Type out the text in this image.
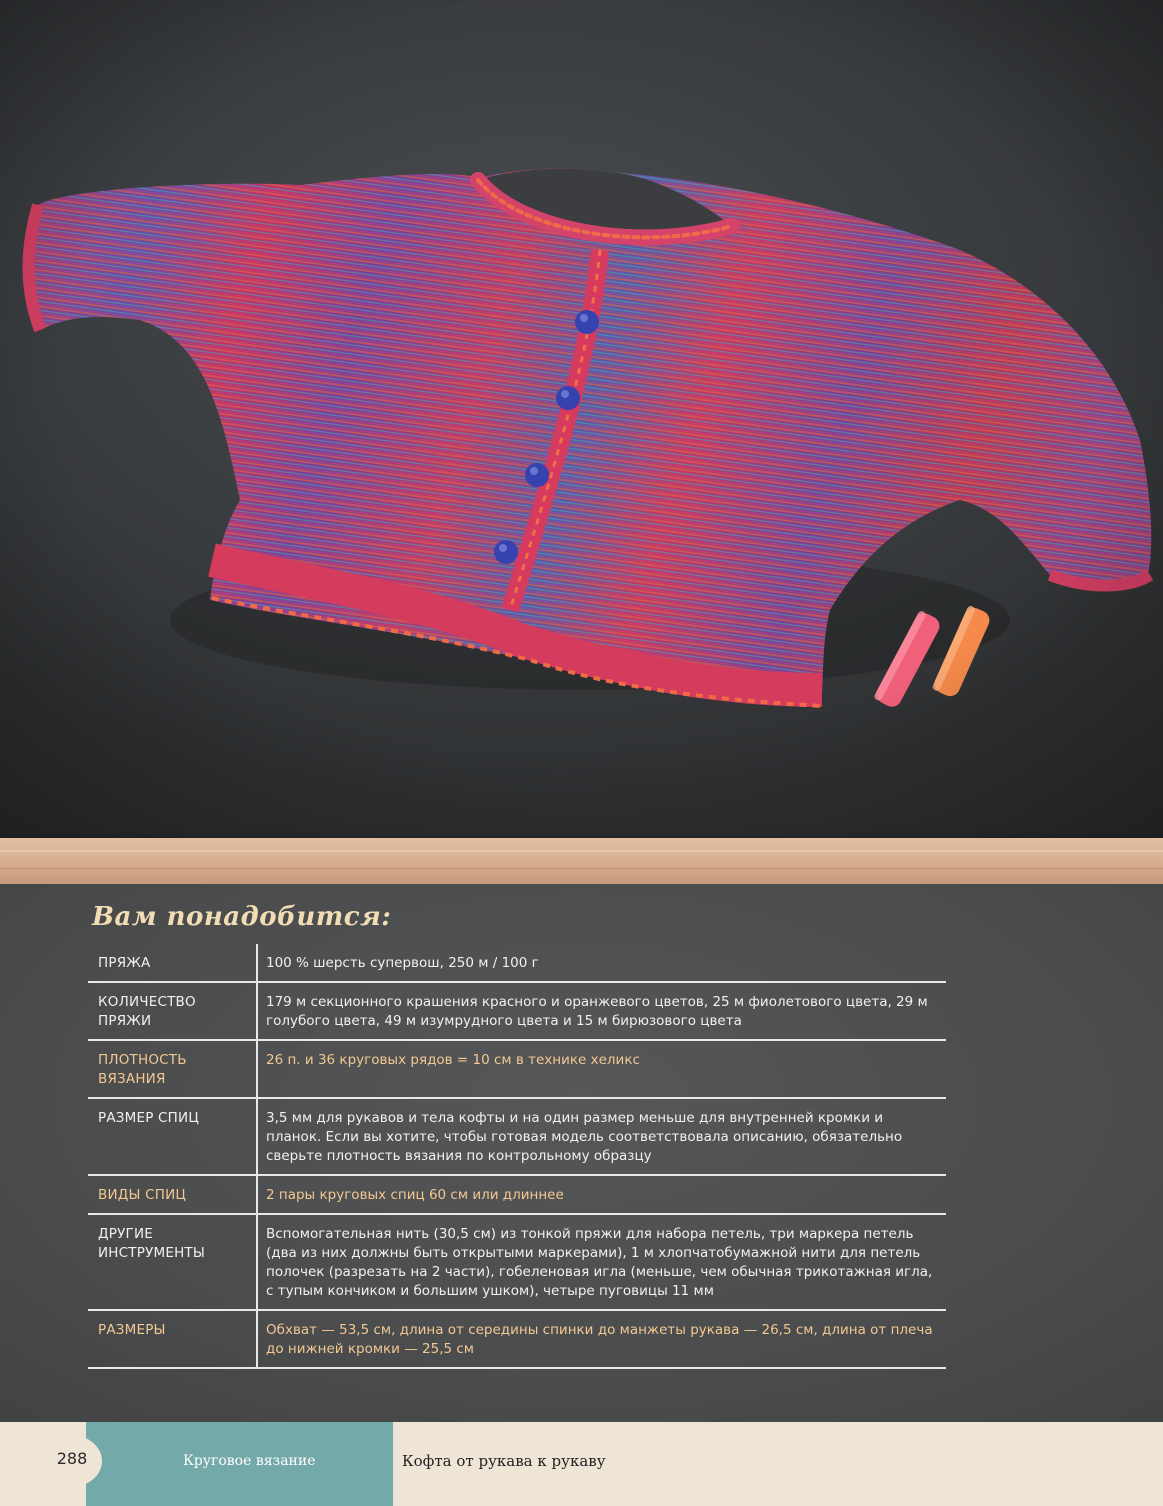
Вам понадобится:
ПРЯЖА	100 % шерсть супервош, 250 м / 100 г
КОЛИЧЕСТВО ПРЯЖИ	179 м секционного крашения красного и оранжевого цветов, 25 м фиолетового цвета, 29 м голубого цвета, 49 м изумрудного цвета и 15 м бирюзового цвета
ПЛОТНОСТЬ ВЯЗАНИЯ	26 п. и 36 круговых рядов = 10 см в технике хеликс
РАЗМЕР СПИЦ	3,5 мм для рукавов и тела кофты и на один размер меньше для внутренней кромки и планок. Если вы хотите, чтобы готовая модель соответствовала описанию, обязательно сверьте плотность вязания по контрольному образцу
ВИДЫ СПИЦ	2 пары круговых спиц 60 см или длиннее
ДРУГИЕ ИНСТРУМЕНТЫ	Вспомогательная нить (30,5 см) из тонкой пряжи для набора петель, три маркера петель (два из них должны быть открытыми маркерами), 1 м хлопчатобумажной нити для петель полочек (разрезать на 2 части), гобеленовая игла (меньше, чем обычная трикотажная игла, с тупым кончиком и большим ушком), четыре пуговицы 11 мм
РАЗМЕРЫ	Обхват — 53,5 см, длина от середины спинки до манжеты рукава — 26,5 см, длина от плеча до нижней кромки — 25,5 см
288	Круговое вязание	Кофта от рукава к рукаву
